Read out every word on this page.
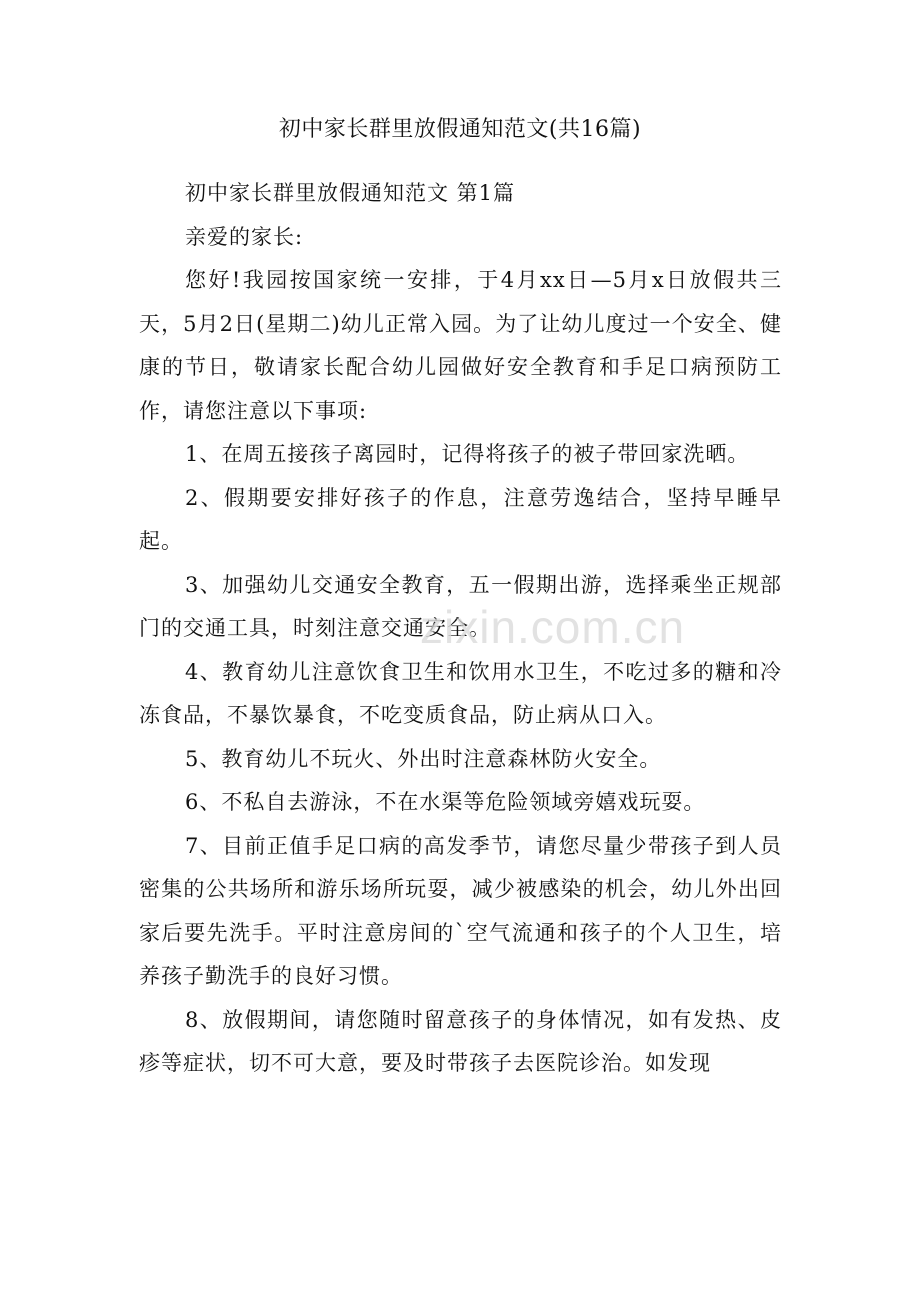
初中家长群里放假通知范文(共16篇)

初中家长群里放假通知范文 第1篇

亲爱的家长:

您好!我园按国家统一安排，于4月xx日—5月x日放假共三天，5月2日(星期二)幼儿正常入园。为了让幼儿度过一个安全、健康的节日，敬请家长配合幼儿园做好安全教育和手足口病预防工作，请您注意以下事项:

1、在周五接孩子离园时，记得将孩子的被子带回家洗晒。

2、假期要安排好孩子的作息，注意劳逸结合，坚持早睡早起。

3、加强幼儿交通安全教育，五一假期出游，选择乘坐正规部门的交通工具，时刻注意交通安全。

4、教育幼儿注意饮食卫生和饮用水卫生，不吃过多的糖和冷冻食品，不暴饮暴食，不吃变质食品，防止病从口入。

5、教育幼儿不玩火、外出时注意森林防火安全。

6、不私自去游泳，不在水渠等危险领域旁嬉戏玩耍。

7、目前正值手足口病的高发季节，请您尽量少带孩子到人员密集的公共场所和游乐场所玩耍，减少被感染的机会，幼儿外出回家后要先洗手。平时注意房间的`空气流通和孩子的个人卫生，培养孩子勤洗手的良好习惯。

8、放假期间，请您随时留意孩子的身体情况，如有发热、皮疹等症状，切不可大意，要及时带孩子去医院诊治。如发现

zixin.com.cn
